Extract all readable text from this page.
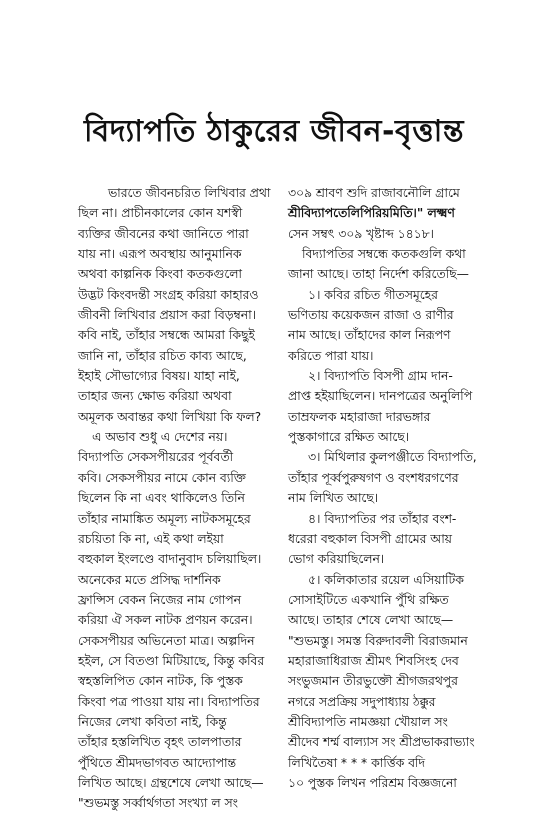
বিদ্যাপতি ঠাকুরের জীবন-বৃত্তান্ত
ভারতে জীবনচরিত লিখিবার প্রথা
ছিল না। প্রাচীনকালের কোন যশস্বী
ব্যক্তির জীবনের কথা জানিতে পারা
যায় না। এরূপ অবস্থায় আনুমানিক
অথবা কাল্পনিক কিংবা কতকগুলো
উদ্ভট কিংবদন্তী সংগ্রহ করিয়া কাহারও
জীবনী লিখিবার প্রয়াস করা বিড়ম্বনা।
কবি নাই, তাঁহার সম্বন্ধে আমরা কিছুই
জানি না, তাঁহার রচিত কাব্য আছে,
ইহাই সৌভাগ্যের বিষয়। যাহা নাই,
তাহার জন্য ক্ষোভ করিয়া অথবা
অমূলক অবান্তর কথা লিখিয়া কি ফল?
এ অভাব শুধু এ দেশের নয়।
বিদ্যাপতি সেকসপীয়রের পূর্ববর্তী
কবি। সেকসপীয়র নামে কোন ব্যক্তি
ছিলেন কি না এবং থাকিলেও তিনি
তাঁহার নামাঙ্কিত অমূল্য নাটকসমূহের
রচয়িতা কি না, এই কথা লইয়া
বহুকাল ইংলণ্ডে বাদানুবাদ চলিয়াছিল।
অনেকের মতে প্রসিদ্ধ দার্শনিক
ফ্রান্সিস বেকন নিজের নাম গোপন
করিয়া ঐ সকল নাটক প্রণয়ন করেন।
সেকসপীয়র অভিনেতা মাত্র। অল্পদিন
হইল, সে বিতণ্ডা মিটিয়াছে, কিন্তু কবির
স্বহস্তলিপিত কোন নাটক, কি পুস্তক
কিংবা পত্র পাওয়া যায় না। বিদ্যাপতির
নিজের লেখা কবিতা নাই, কিন্তু
তাঁহার হস্তলিখিত বৃহৎ তালপাতার
পুঁথিতে শ্রীমদভাগবত আদ্যোপান্ত
লিখিত আছে। গ্রন্থশেষে লেখা আছে—
"শুভমস্তু সর্ব্বার্থগতা সংখ্যা ল সং
৩০৯ শ্রাবণ শুদি রাজাবনৌলি গ্রামে
শ্রীবিদ্যাপতেলিপিরিয়মিতি।" লক্ষ্মণ
সেন সম্বৎ ৩০৯ খৃষ্টাব্দ ১৪১৮।
বিদ্যাপতির সম্বন্ধে কতকগুলি কথা
জানা আছে। তাহা নির্দেশ করিতেছি—
১। কবির রচিত গীতসমূহের
ভণিতায় কয়েকজন রাজা ও রাণীর
নাম আছে। তাঁহাদের কাল নিরূপণ
করিতে পারা যায়।
২। বিদ্যাপতি বিসপী গ্রাম দান-
প্রাপ্ত হইয়াছিলেন। দানপত্রের অনুলিপি
তাম্রফলক মহারাজা দারভঙ্গার
পুস্তকাগারে রক্ষিত আছে।
৩। মিথিলার কুলপঞ্জীতে বিদ্যাপতি,
তাঁহার পূর্ব্বপুরুষগণ ও বংশধরগণের
নাম লিখিত আছে।
৪। বিদ্যাপতির পর তাঁহার বংশ-
ধরেরা বহুকাল বিসপী গ্রামের আয়
ভোগ করিয়াছিলেন।
৫। কলিকাতার রয়েল এসিয়াটিক
সোসাইটিতে একখানি পুঁথি রক্ষিত
আছে। তাহার শেষে লেখা আছে—
"শুভমস্তু। সমস্ত বিরুদাবলী বিরাজমান
মহারাজাধিরাজ শ্রীমৎ শিবসিংহ দেব
সংভুজমান তীরভুক্তৌ শ্রীগজরথপুর
নগরে সপ্রক্রিয় সদুপাধ্যায় ঠক্কুর
শ্রীবিদ্যাপতি নামজ্ঞয়া খৌয়াল সং
শ্রীদেব শর্ম্ম বাল্যাস সং শ্রীপ্রভাকরাভ্যাং
লিখিতৈষা * * * কার্ত্তিক বদি
১০ পুস্তক লিখন পরিশ্রম বিজ্ঞজনো
